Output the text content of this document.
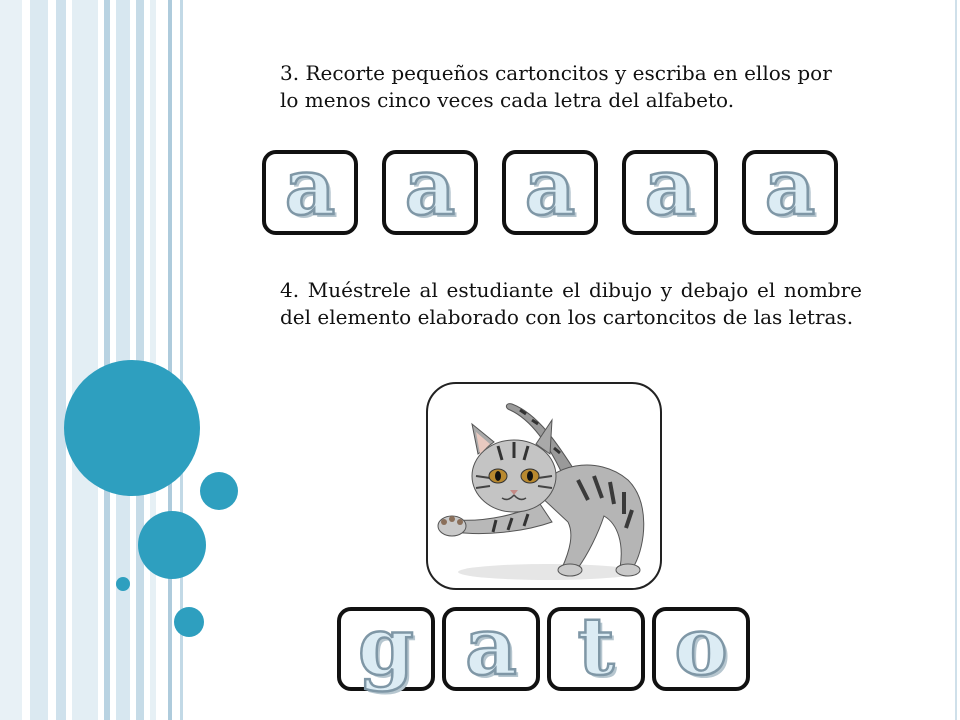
3. Recorte pequeños cartoncitos y escriba en ellos por lo menos cinco veces cada letra del alfabeto.
4. Muéstrele al estudiante el dibujo y debajo el nombre del elemento elaborado con los cartoncitos de las letras.
a a a a a
g a t o
